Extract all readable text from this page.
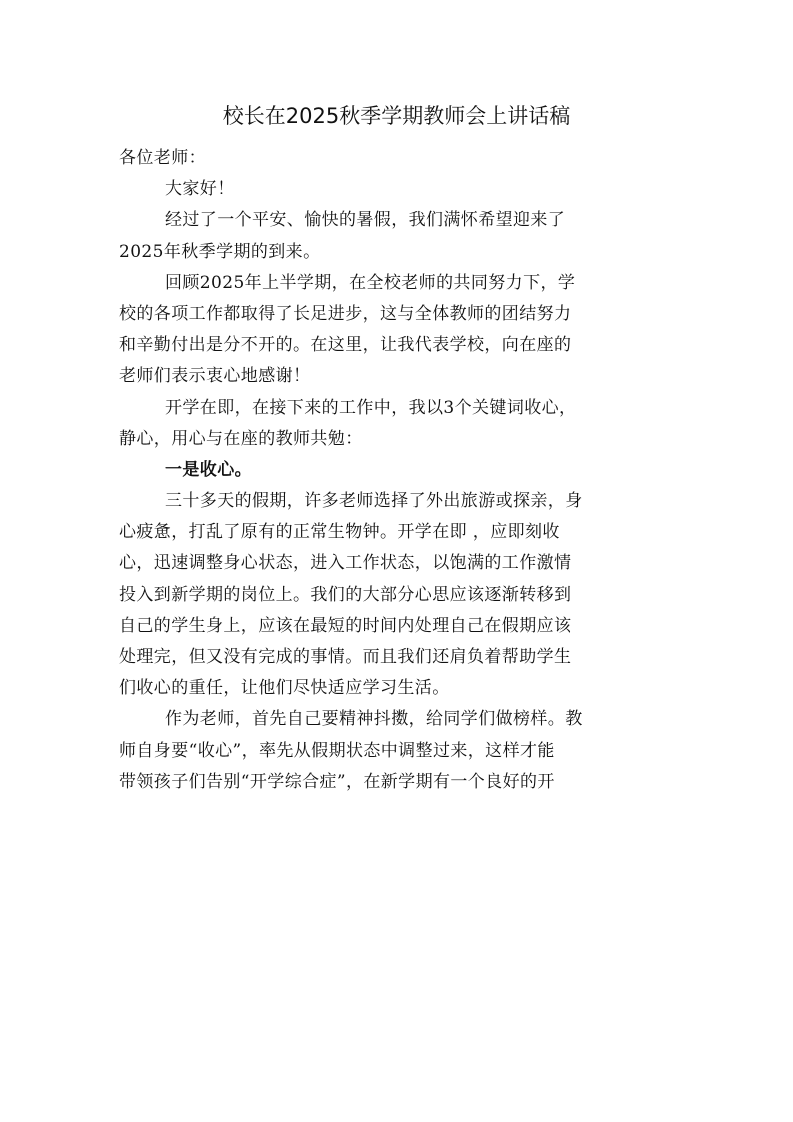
校长在2025秋季学期教师会上讲话稿
各位老师：
大家好！
经过了一个平安、愉快的暑假，我们满怀希望迎来了
2025年秋季学期的到来。
回顾2025年上半学期，在全校老师的共同努力下，学
校的各项工作都取得了长足进步，这与全体教师的团结努力
和辛勤付出是分不开的。在这里，让我代表学校，向在座的
老师们表示衷心地感谢！
开学在即，在接下来的工作中，我以3个关键词收心，
静心，用心与在座的教师共勉：
一是收心。
三十多天的假期，许多老师选择了外出旅游或探亲，身
心疲惫，打乱了原有的正常生物钟。开学在即 ，应即刻收
心，迅速调整身心状态，进入工作状态，以饱满的工作激情
投入到新学期的岗位上。我们的大部分心思应该逐渐转移到
自己的学生身上，应该在最短的时间内处理自己在假期应该
处理完，但又没有完成的事情。而且我们还肩负着帮助学生
们收心的重任，让他们尽快适应学习生活。
作为老师，首先自己要精神抖擞，给同学们做榜样。教
师自身要“收心”，率先从假期状态中调整过来，这样才能
带领孩子们告别“开学综合症”，在新学期有一个良好的开
